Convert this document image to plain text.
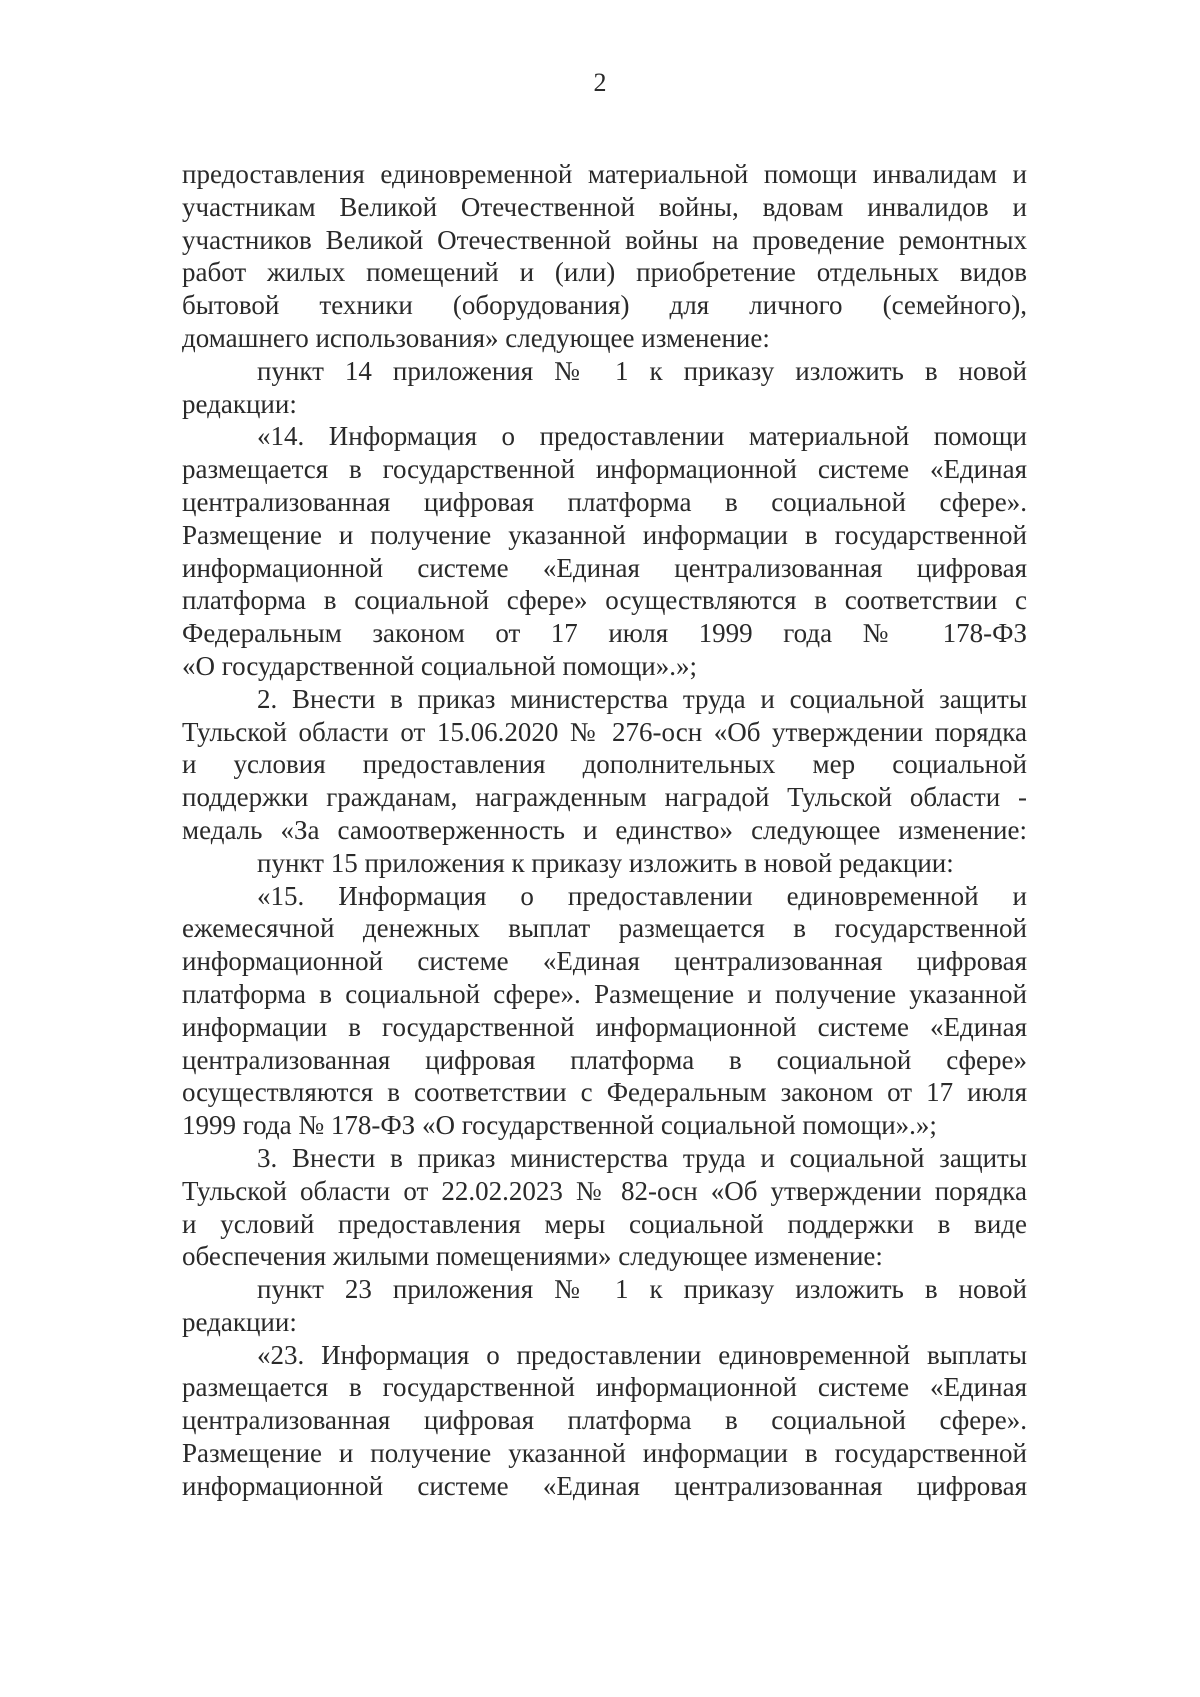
2
предоставления единовременной материальной помощи инвалидам и
участникам Великой Отечественной войны, вдовам инвалидов и
участников Великой Отечественной войны на проведение ремонтных
работ жилых помещений и (или) приобретение отдельных видов
бытовой техники (оборудования) для личного (семейного),
домашнего использования» следующее изменение:
пункт 14 приложения № 1 к приказу изложить в новой
редакции:
«14. Информация о предоставлении материальной помощи
размещается в государственной информационной системе «Единая
централизованная цифровая платформа в социальной сфере».
Размещение и получение указанной информации в государственной
информационной системе «Единая централизованная цифровая
платформа в социальной сфере» осуществляются в соответствии с
Федеральным законом от 17 июля 1999 года № 178-ФЗ
«О государственной социальной помощи».»;
2. Внести в приказ министерства труда и социальной защиты
Тульской области от 15.06.2020 № 276-осн «Об утверждении порядка
и условия предоставления дополнительных мер социальной
поддержки гражданам, награжденным наградой Тульской области -
медаль «За самоотверженность и единство» следующее изменение:
пункт 15 приложения к приказу изложить в новой редакции:
«15. Информация о предоставлении единовременной и
ежемесячной денежных выплат размещается в государственной
информационной системе «Единая централизованная цифровая
платформа в социальной сфере». Размещение и получение указанной
информации в государственной информационной системе «Единая
централизованная цифровая платформа в социальной сфере»
осуществляются в соответствии с Федеральным законом от 17 июля
1999 года № 178-ФЗ «О государственной социальной помощи».»;
3. Внести в приказ министерства труда и социальной защиты
Тульской области от 22.02.2023 № 82-осн «Об утверждении порядка
и условий предоставления меры социальной поддержки в виде
обеспечения жилыми помещениями» следующее изменение:
пункт 23 приложения № 1 к приказу изложить в новой
редакции:
«23. Информация о предоставлении единовременной выплаты
размещается в государственной информационной системе «Единая
централизованная цифровая платформа в социальной сфере».
Размещение и получение указанной информации в государственной
информационной системе «Единая централизованная цифровая
